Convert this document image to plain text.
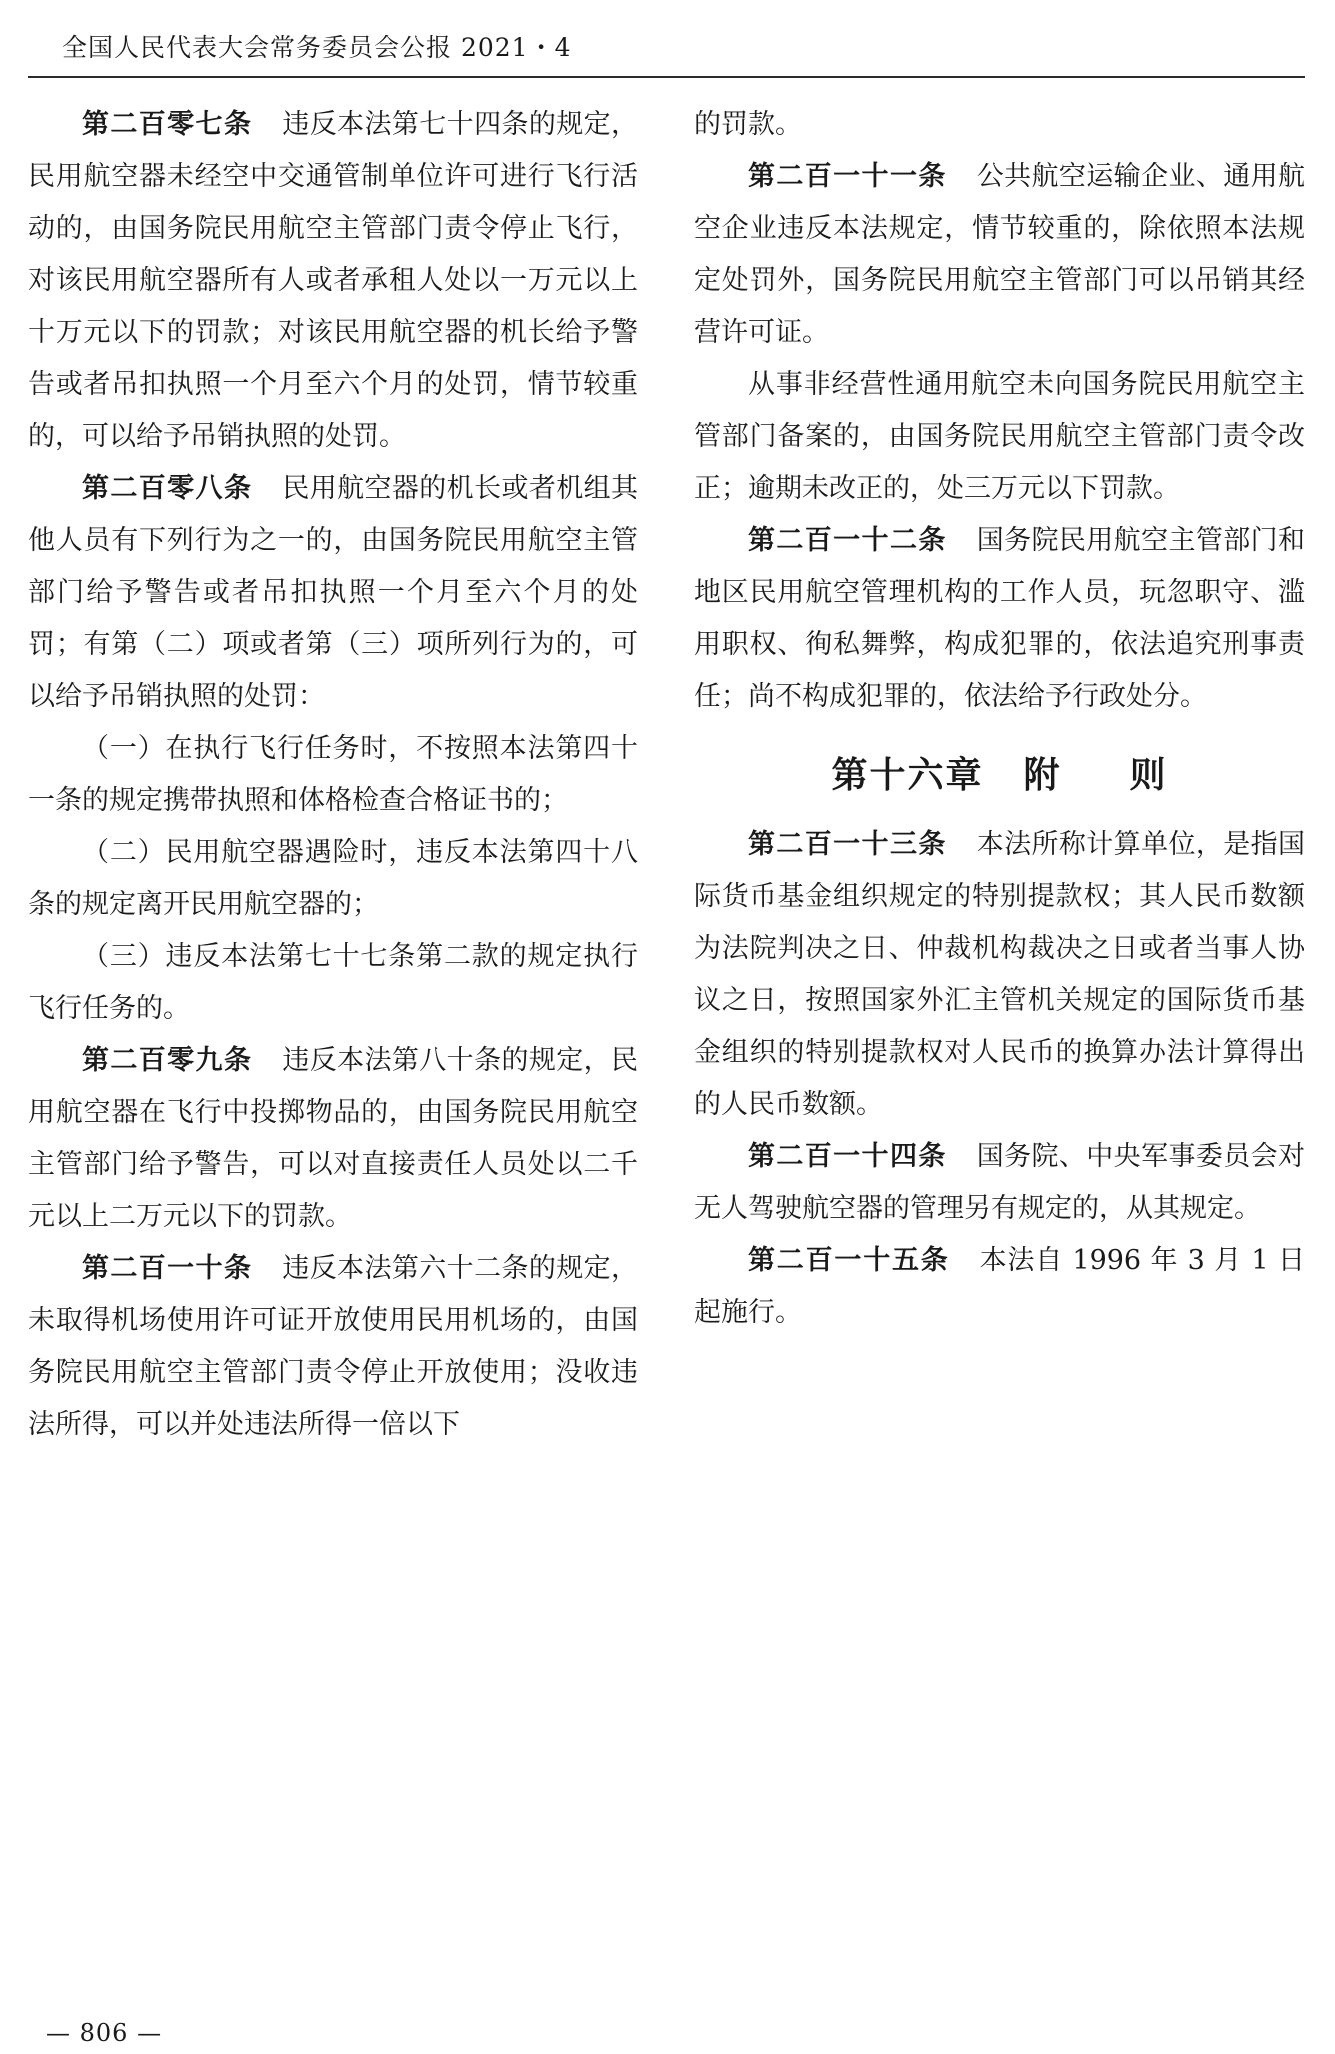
全国人民代表大会常务委员会公报 2021・4

第二百零七条 违反本法第七十四条的规定，民用航空器未经空中交通管制单位许可进行飞行活动的，由国务院民用航空主管部门责令停止飞行，对该民用航空器所有人或者承租人处以一万元以上十万元以下的罚款；对该民用航空器的机长给予警告或者吊扣执照一个月至六个月的处罚，情节较重的，可以给予吊销执照的处罚。

第二百零八条 民用航空器的机长或者机组其他人员有下列行为之一的，由国务院民用航空主管部门给予警告或者吊扣执照一个月至六个月的处罚；有第（二）项或者第（三）项所列行为的，可以给予吊销执照的处罚：

（一）在执行飞行任务时，不按照本法第四十一条的规定携带执照和体格检查合格证书的；

（二）民用航空器遇险时，违反本法第四十八条的规定离开民用航空器的；

（三）违反本法第七十七条第二款的规定执行飞行任务的。

第二百零九条 违反本法第八十条的规定，民用航空器在飞行中投掷物品的，由国务院民用航空主管部门给予警告，可以对直接责任人员处以二千元以上二万元以下的罚款。

第二百一十条 违反本法第六十二条的规定，未取得机场使用许可证开放使用民用机场的，由国务院民用航空主管部门责令停止开放使用；没收违法所得，可以并处违法所得一倍以下

的罚款。

第二百一十一条 公共航空运输企业、通用航空企业违反本法规定，情节较重的，除依照本法规定处罚外，国务院民用航空主管部门可以吊销其经营许可证。

从事非经营性通用航空未向国务院民用航空主管部门备案的，由国务院民用航空主管部门责令改正；逾期未改正的，处三万元以下罚款。

第二百一十二条 国务院民用航空主管部门和地区民用航空管理机构的工作人员，玩忽职守、滥用职权、徇私舞弊，构成犯罪的，依法追究刑事责任；尚不构成犯罪的，依法给予行政处分。

第十六章 附 则

第二百一十三条 本法所称计算单位，是指国际货币基金组织规定的特别提款权；其人民币数额为法院判决之日、仲裁机构裁决之日或者当事人协议之日，按照国家外汇主管机关规定的国际货币基金组织的特别提款权对人民币的换算办法计算得出的人民币数额。

第二百一十四条 国务院、中央军事委员会对无人驾驶航空器的管理另有规定的，从其规定。

第二百一十五条 本法自 1996 年 3 月 1 日起施行。

— 806 —
